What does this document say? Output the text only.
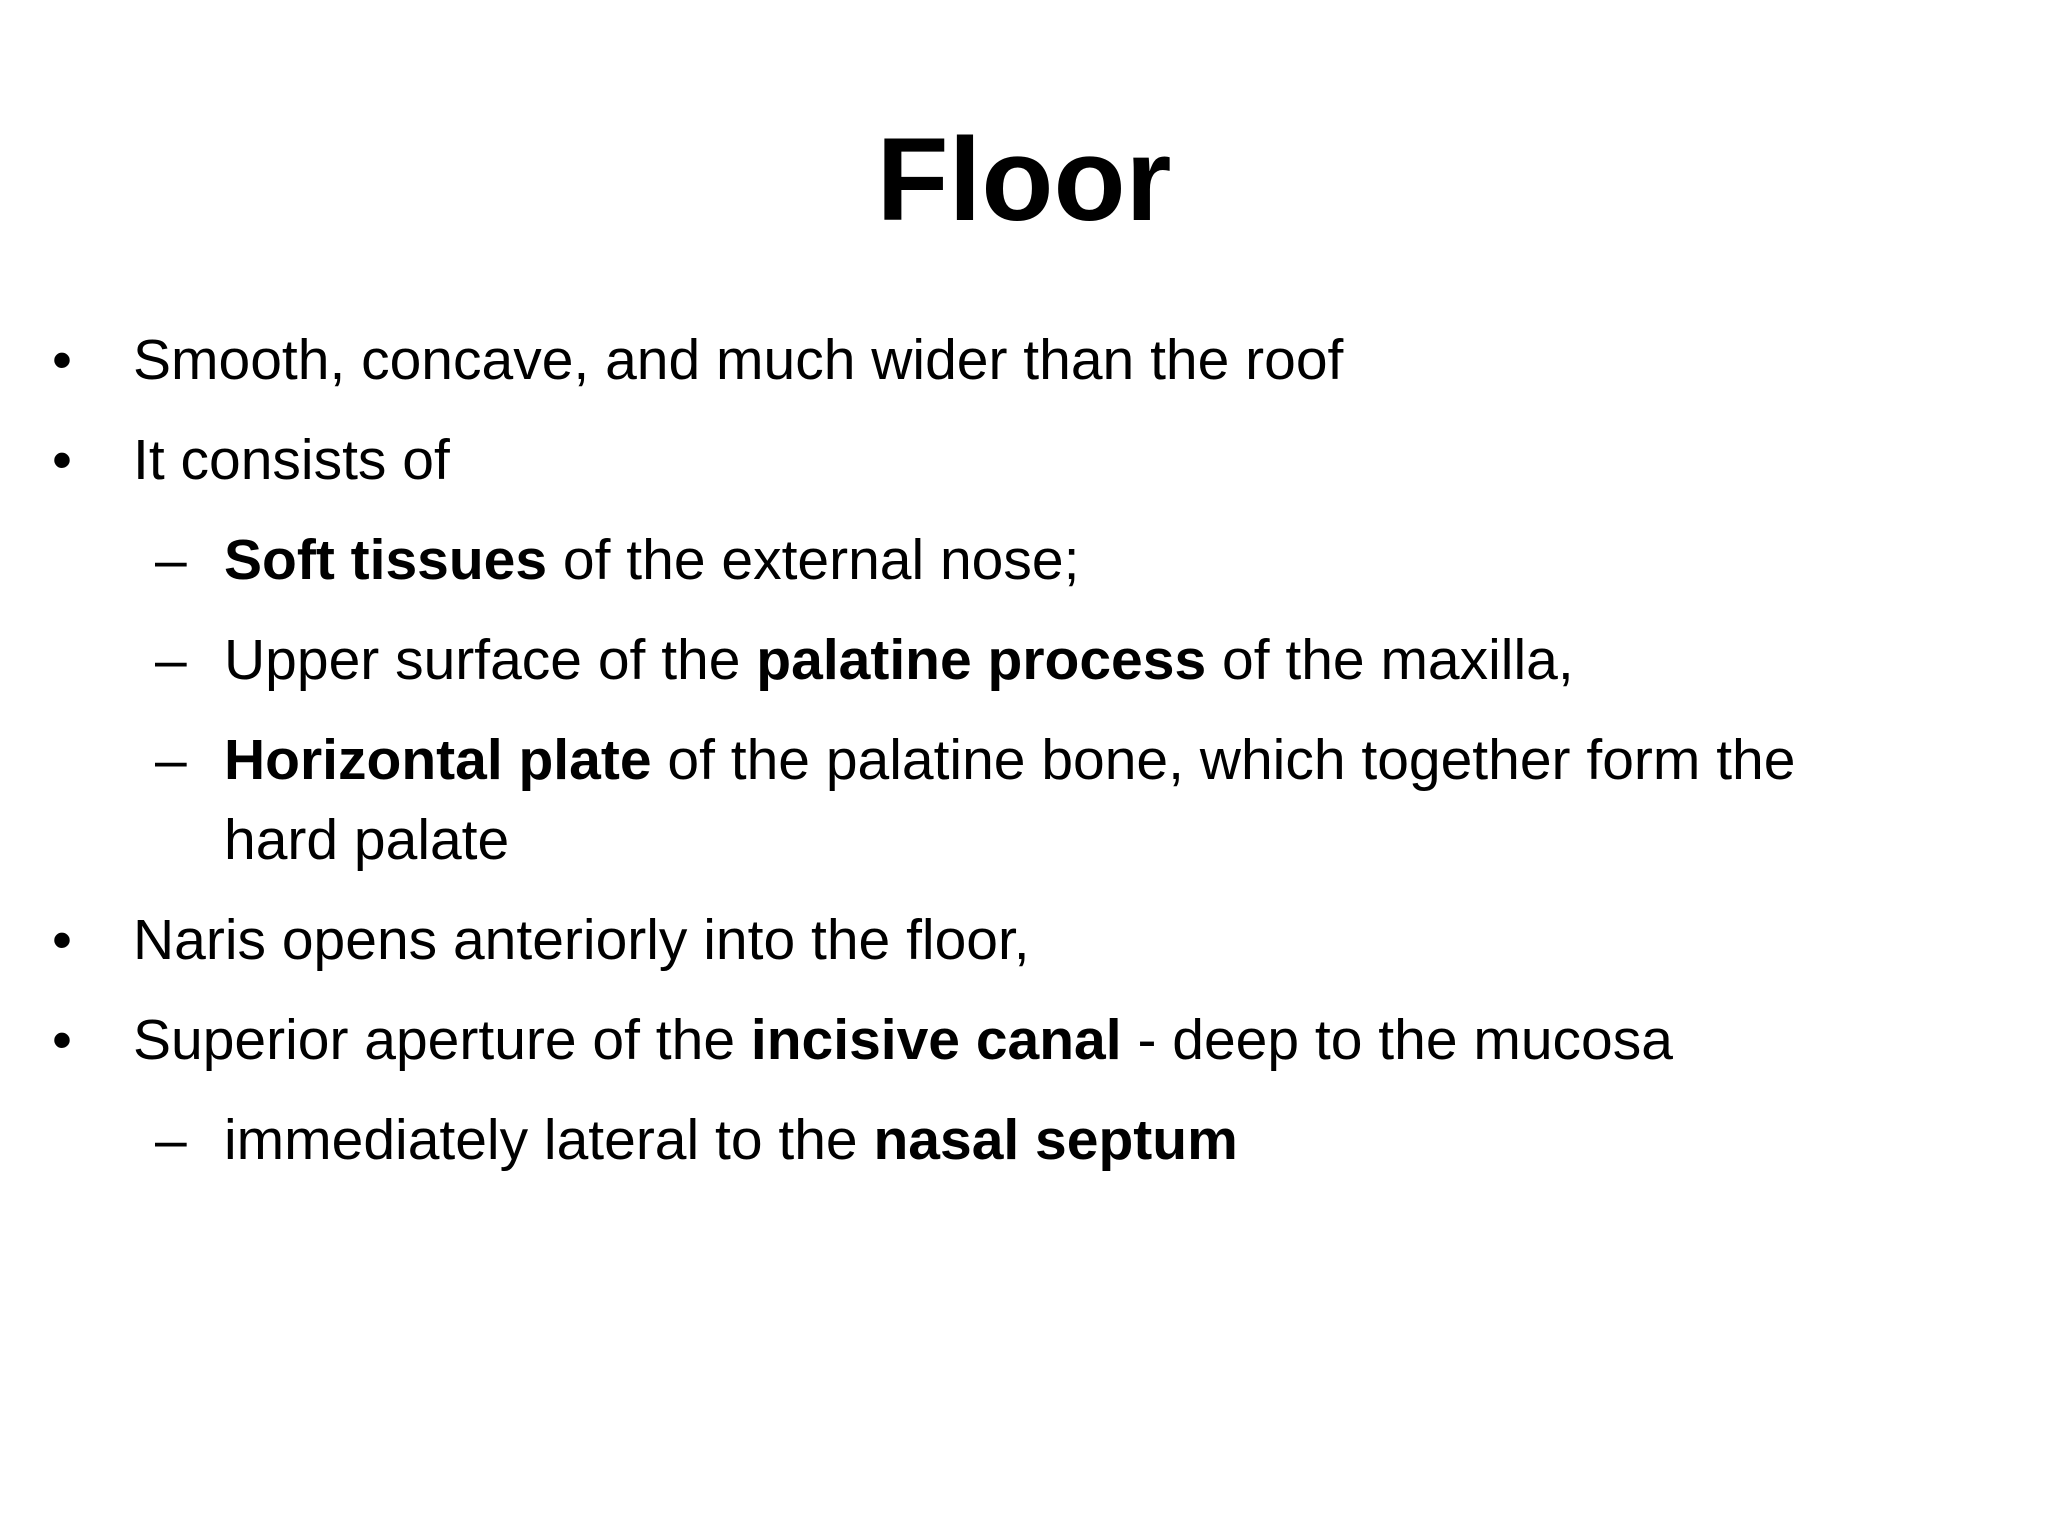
Floor
• Smooth, concave, and much wider than the roof
• It consists of
– Soft tissues of the external nose;
– Upper surface of the palatine process of the maxilla,
– Horizontal plate of the palatine bone, which together form the
hard palate
• Naris opens anteriorly into the floor,
• Superior aperture of the incisive canal - deep to the mucosa
– immediately lateral to the nasal septum
